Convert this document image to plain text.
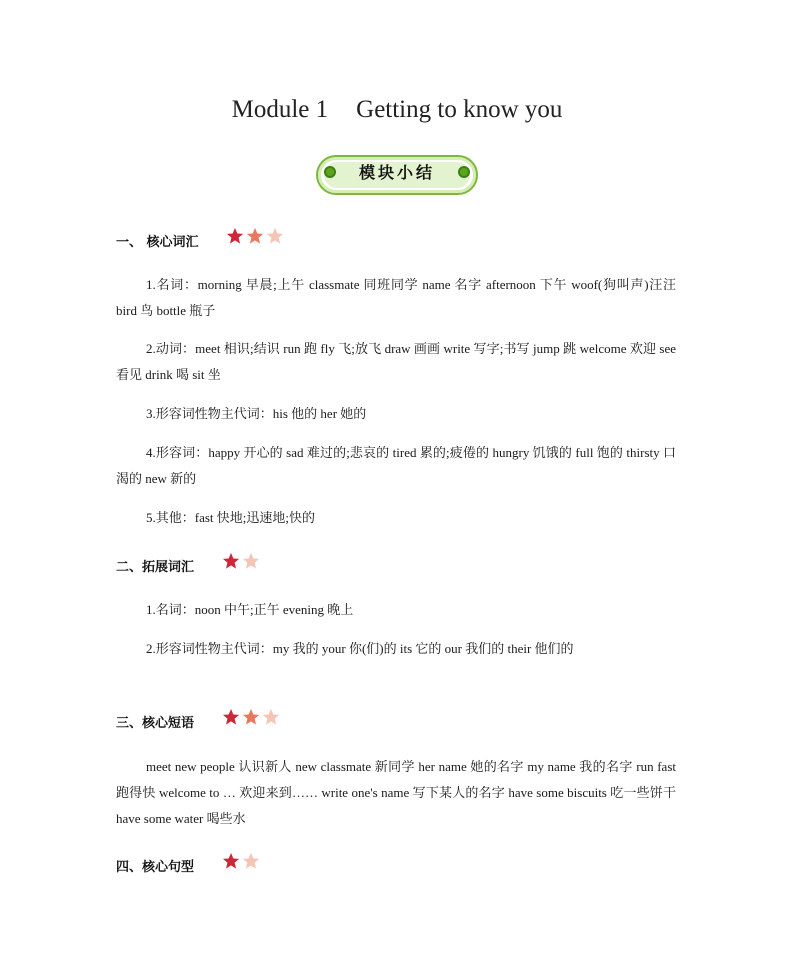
Module 1 Getting to know you
模块小结
一、 核心词汇
1.名词：morning 早晨;上午 classmate 同班同学 name 名字 afternoon 下午 woof(狗叫声)汪汪 bird 鸟 bottle 瓶子
2.动词：meet 相识;结识 run 跑 fly 飞;放飞 draw 画画 write 写字;书写 jump 跳 welcome 欢迎 see 看见 drink 喝 sit 坐
3.形容词性物主代词：his 他的 her 她的
4.形容词：happy 开心的 sad 难过的;悲哀的 tired 累的;疲倦的 hungry 饥饿的 full 饱的 thirsty 口渴的 new 新的
5.其他：fast 快地;迅速地;快的
二、拓展词汇
1.名词：noon 中午;正午 evening 晚上
2.形容词性物主代词：my 我的 your 你(们)的 its 它的 our 我们的 their 他们的
三、核心短语
meet new people 认识新人 new classmate 新同学 her name 她的名字 my name 我的名字 run fast 跑得快 welcome to … 欢迎来到…… write one's name 写下某人的名字 have some biscuits 吃一些饼干 have some water 喝些水
四、核心句型
